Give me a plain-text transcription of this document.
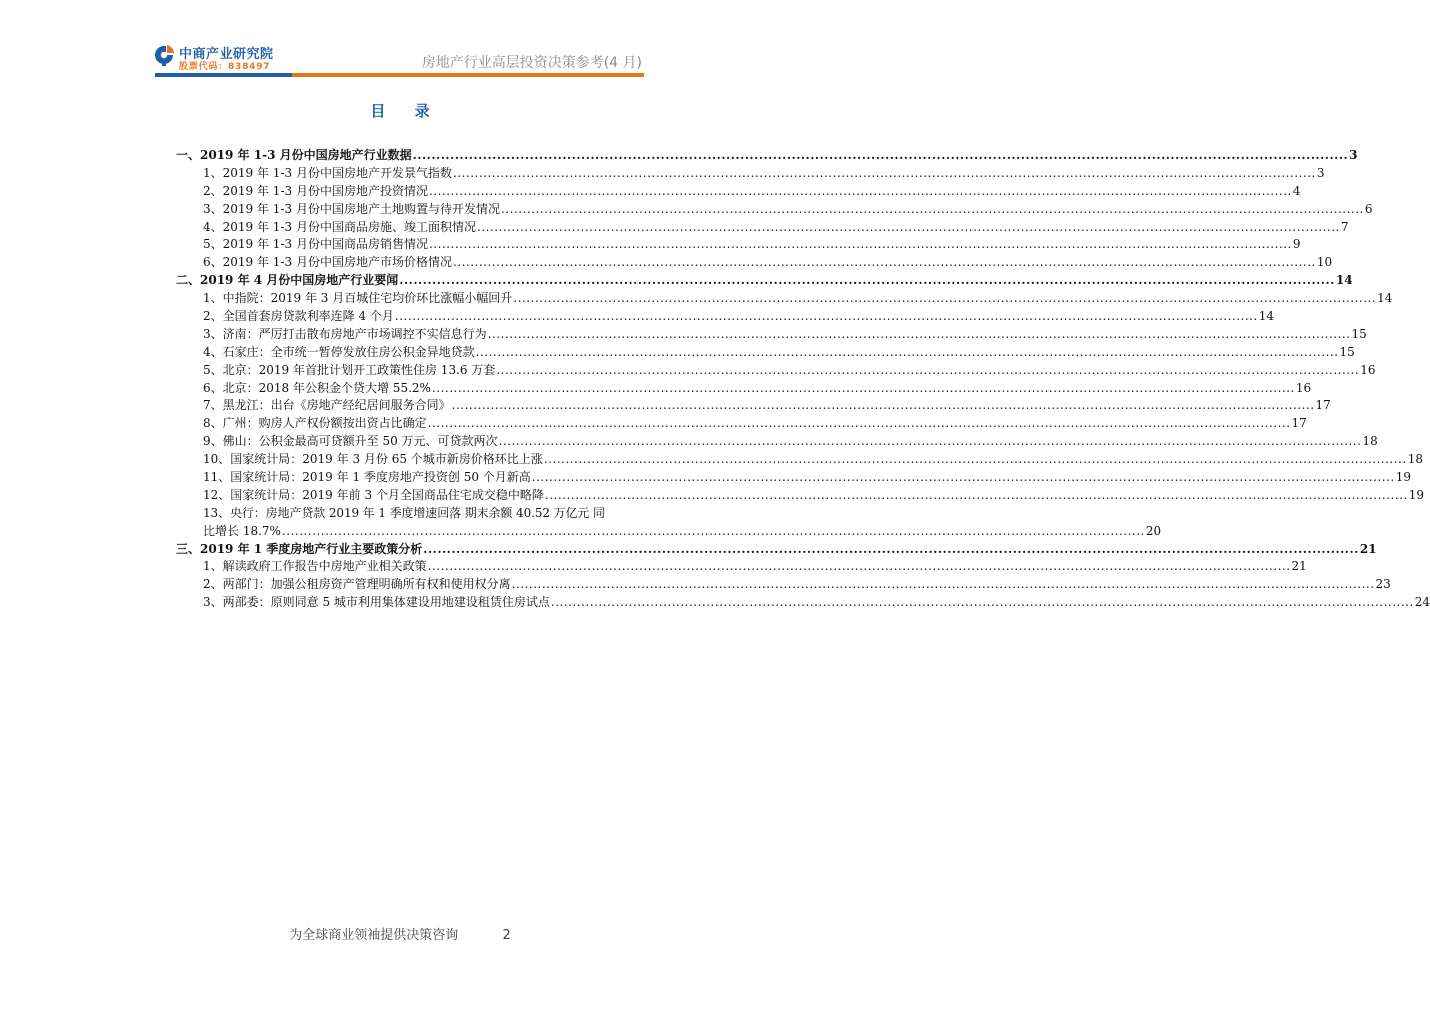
中商产业研究院
股票代码：838497	房地产行业高层投资决策参考(4 月)
目 录
一、2019 年 1-3 月份中国房地产行业数据 ........................................................................................................................................................................................................ 3
1、2019 年 1-3 月份中国房地产开发景气指数 ........................................................................................................................................................................................................ 3
2、2019 年 1-3 月份中国房地产投资情况 ........................................................................................................................................................................................................ 4
3、2019 年 1-3 月份中国房地产土地购置与待开发情况 ........................................................................................................................................................................................................ 6
4、2019 年 1-3 月份中国商品房施、竣工面积情况 ........................................................................................................................................................................................................ 7
5、2019 年 1-3 月份中国商品房销售情况 ........................................................................................................................................................................................................ 9
6、2019 年 1-3 月份中国房地产市场价格情况 ........................................................................................................................................................................................................ 10
二、2019 年 4 月份中国房地产行业要闻 ........................................................................................................................................................................................................ 14
1、中指院：2019 年 3 月百城住宅均价环比涨幅小幅回升 ........................................................................................................................................................................................................ 14
2、全国首套房贷款利率连降 4 个月 ........................................................................................................................................................................................................ 14
3、济南：严厉打击散布房地产市场调控不实信息行为 ........................................................................................................................................................................................................ 15
4、石家庄：全市统一暂停发放住房公积金异地贷款 ........................................................................................................................................................................................................ 15
5、北京：2019 年首批计划开工政策性住房 13.6 万套 ........................................................................................................................................................................................................ 16
6、北京：2018 年公积金个贷大增 55.2% ........................................................................................................................................................................................................ 16
7、黑龙江：出台《房地产经纪居间服务合同》 ........................................................................................................................................................................................................ 17
8、广州：购房人产权份额按出资占比确定 ........................................................................................................................................................................................................ 17
9、佛山：公积金最高可贷额升至 50 万元、可贷款两次 ........................................................................................................................................................................................................ 18
10、国家统计局：2019 年 3 月份 65 个城市新房价格环比上涨 ........................................................................................................................................................................................................ 18
11、国家统计局：2019 年 1 季度房地产投资创 50 个月新高 ........................................................................................................................................................................................................ 19
12、国家统计局：2019 年前 3 个月全国商品住宅成交稳中略降 ........................................................................................................................................................................................................ 19
13、央行：房地产贷款 2019 年 1 季度增速回落 期末余额 40.52 万亿元 同
比增长 18.7% ........................................................................................................................................................................................................ 20
三、2019 年 1 季度房地产行业主要政策分析 ........................................................................................................................................................................................................ 21
1、解读政府工作报告中房地产业相关政策 ........................................................................................................................................................................................................ 21
2、两部门：加强公租房资产管理明确所有权和使用权分离 ........................................................................................................................................................................................................ 23
3、两部委：原则同意 5 城市利用集体建设用地建设租赁住房试点 ........................................................................................................................................................................................................ 24
为全球商业领袖提供决策咨询	2
